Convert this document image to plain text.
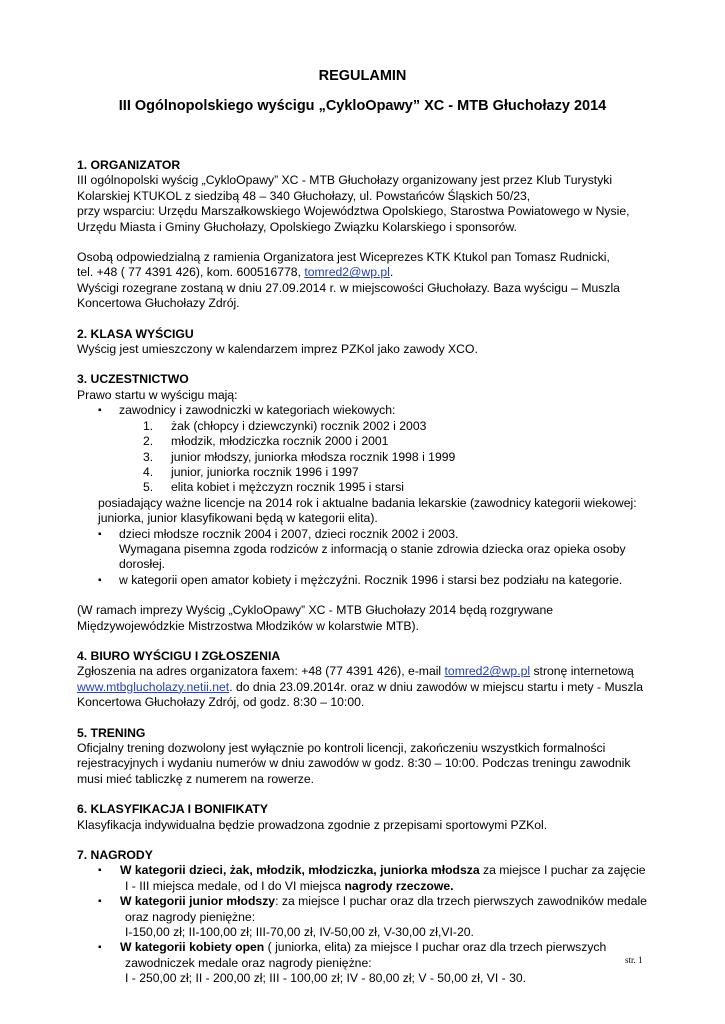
REGULAMIN
III Ogólnopolskiego wyścigu „CykloOpawy” XC - MTB Głuchołazy 2014

1. ORGANIZATOR

III ogólnopolski wyścig „CykloOpawy” XC - MTB Głuchołazy organizowany jest przez Klub Turystyki

Kolarskiej KTUKOL z siedzibą 48 – 340 Głuchołazy, ul. Powstańców Śląskich 50/23,

przy wsparciu: Urzędu Marszałkowskiego Województwa Opolskiego, Starostwa Powiatowego w Nysie,

Urzędu Miasta i Gminy Głuchołazy, Opolskiego Związku Kolarskiego i sponsorów.

Osobą odpowiedzialną z ramienia Organizatora jest Wiceprezes KTK Ktukol pan Tomasz Rudnicki,

tel. +48 ( 77 4391 426), kom. 600516778, tomred2@wp.pl.

Wyścigi rozegrane zostaną w dniu 27.09.2014 r. w miejscowości Głuchołazy. Baza wyścigu – Muszla

Koncertowa Głuchołazy Zdrój.

2. KLASA WYŚCIGU

Wyścig jest umieszczony w kalendarzem imprez PZKol jako zawody XCO.

3. UCZESTNICTWO

Prawo startu w wyścigu mają:

▪ zawodnicy i zawodniczki w kategoriach wiekowych:

1. żak (chłopcy i dziewczynki) rocznik 2002 i 2003

2. młodzik, młodziczka rocznik 2000 i 2001

3. junior młodszy, juniorka młodsza rocznik 1998 i 1999

4. junior, juniorka rocznik 1996 i 1997

5. elita kobiet i mężczyzn rocznik 1995 i starsi

posiadający ważne licencje na 2014 rok i aktualne badania lekarskie (zawodnicy kategorii wiekowej:

juniorka, junior klasyfikowani będą w kategorii elita).

▪ dzieci młodsze rocznik 2004 i 2007, dzieci rocznik 2002 i 2003.

Wymagana pisemna zgoda rodziców z informacją o stanie zdrowia dziecka oraz opieka osoby

dorosłej.

▪ w kategorii open amator kobiety i mężczyźni. Rocznik 1996 i starsi bez podziału na kategorie.

(W ramach imprezy Wyścig „CykloOpawy” XC - MTB Głuchołazy 2014 będą rozgrywane

Międzywojewódzkie Mistrzostwa Młodzików w kolarstwie MTB).

4. BIURO WYŚCIGU I ZGŁOSZENIA

Zgłoszenia na adres organizatora faxem: +48 (77 4391 426), e-mail tomred2@wp.pl stronę internetową

www.mtbglucholazy.netii.net. do dnia 23.09.2014r. oraz w dniu zawodów w miejscu startu i mety - Muszla

Koncertowa Głuchołazy Zdrój, od godz. 8:30 – 10:00.

5. TRENING

Oficjalny trening dozwolony jest wyłącznie po kontroli licencji, zakończeniu wszystkich formalności

rejestracyjnych i wydaniu numerów w dniu zawodów w godz. 8:30 – 10:00. Podczas treningu zawodnik

musi mieć tabliczkę z numerem na rowerze.

6. KLASYFIKACJA I BONIFIKATY

Klasyfikacja indywidualna będzie prowadzona zgodnie z przepisami sportowymi PZKol.

7. NAGRODY

▪ W kategorii dzieci, żak, młodzik, młodziczka, juniorka młodsza za miejsce I puchar za zajęcie

I - III miejsca medale, od I do VI miejsca nagrody rzeczowe.

▪ W kategorii junior młodszy: za miejsce I puchar oraz dla trzech pierwszych zawodników medale

oraz nagrody pieniężne:

I-150,00 zł; II-100,00 zł; III-70,00 zł, IV-50,00 zł, V-30,00 zł,VI-20.

▪ W kategorii kobiety open ( juniorka, elita) za miejsce I puchar oraz dla trzech pierwszych

zawodniczek medale oraz nagrody pieniężne:

I - 250,00 zł; II - 200,00 zł; III - 100,00 zł; IV - 80,00 zł; V - 50,00 zł, VI - 30.

str. 1
